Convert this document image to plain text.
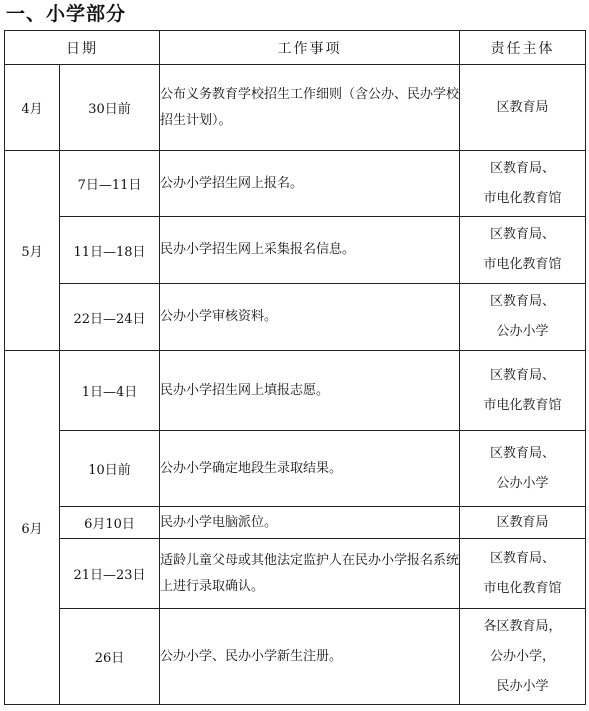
一、小学部分
日期		工作事项	责任主体
4月	30日前	公布义务教育学校招生工作细则（含公办、民办学校招生计划）。	区教育局

5月	7日—11日	公办小学招生网上报名。	区教育局、
市电化教育馆

	11日—18日	民办小学招生网上采集报名信息。	区教育局、
市电化教育馆

	22日—24日	公办小学审核资料。	区教育局、
公办小学

6月	1日—4日	民办小学招生网上填报志愿。	区教育局、
市电化教育馆

	10日前	公办小学确定地段生录取结果。	区教育局、
公办小学

	6月10日	民办小学电脑派位。	区教育局

	21日—23日	适龄儿童父母或其他法定监护人在民办小学报名系统上进行录取确认。	区教育局、
市电化教育馆

	26日	公办小学、民办小学新生注册。	各区教育局，
公办小学，
民办小学
